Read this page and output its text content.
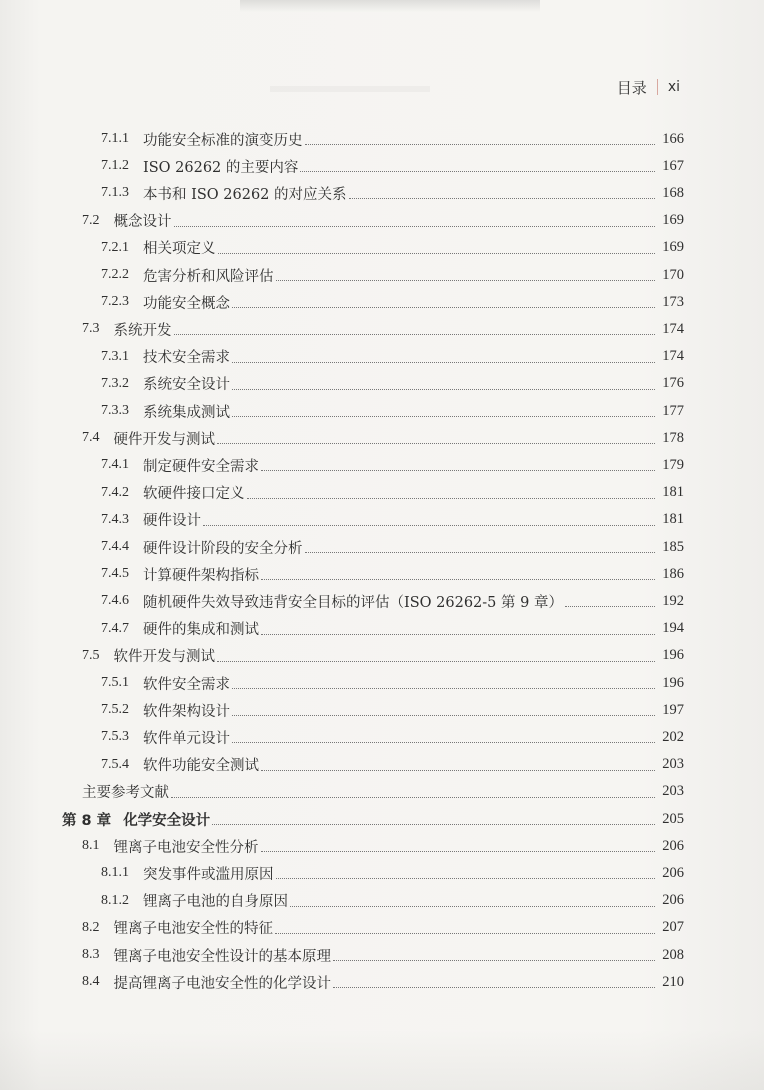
目录 xi
7.1.1 功能安全标准的演变历史	166
7.1.2 ISO 26262 的主要内容	167
7.1.3 本书和 ISO 26262 的对应关系	168
7.2 概念设计	169
7.2.1 相关项定义	169
7.2.2 危害分析和风险评估	170
7.2.3 功能安全概念	173
7.3 系统开发	174
7.3.1 技术安全需求	174
7.3.2 系统安全设计	176
7.3.3 系统集成测试	177
7.4 硬件开发与测试	178
7.4.1 制定硬件安全需求	179
7.4.2 软硬件接口定义	181
7.4.3 硬件设计	181
7.4.4 硬件设计阶段的安全分析	185
7.4.5 计算硬件架构指标	186
7.4.6 随机硬件失效导致违背安全目标的评估（ISO 26262-5 第 9 章）	192
7.4.7 硬件的集成和测试	194
7.5 软件开发与测试	196
7.5.1 软件安全需求	196
7.5.2 软件架构设计	197
7.5.3 软件单元设计	202
7.5.4 软件功能安全测试	203
主要参考文献	203
第 8 章 化学安全设计	205
8.1 锂离子电池安全性分析	206
8.1.1 突发事件或滥用原因	206
8.1.2 锂离子电池的自身原因	206
8.2 锂离子电池安全性的特征	207
8.3 锂离子电池安全性设计的基本原理	208
8.4 提高锂离子电池安全性的化学设计	210
